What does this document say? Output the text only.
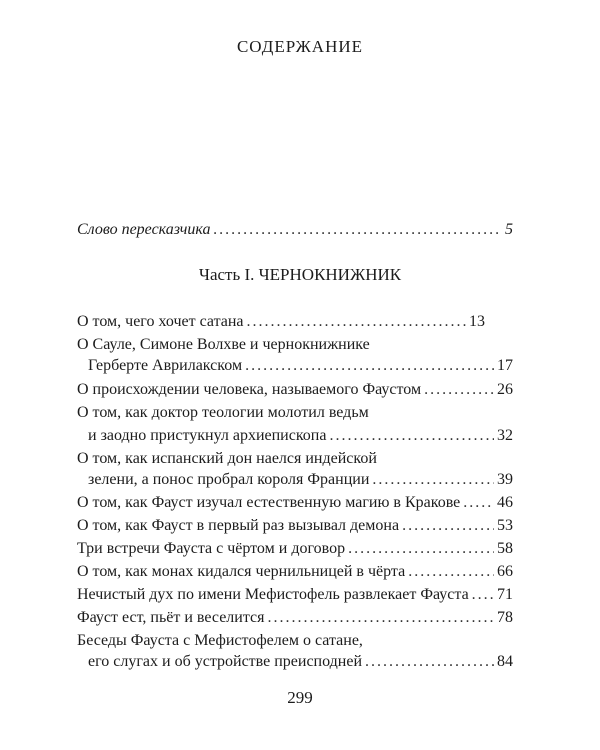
СОДЕРЖАНИЕ
Слово пересказчика . . .	5
Часть I. ЧЕРНОКНИЖНИК
О том, чего хочет сатана . . .	13
О Сауле, Симоне Волхве и чернокнижнике
Герберте Аврилакском . . .	17
О происхождении человека, называемого Фаустом . . .	26
О том, как доктор теологии молотил ведьм
и заодно пристукнул архиепископа . . .	32
О том, как испанский дон наелся индейской
зелени, а понос пробрал короля Франции . . .	39
О том, как Фауст изучал естественную магию в Кракове . . . 46
О том, как Фауст в первый раз вызывал демона . . .	53
Три встречи Фауста с чёртом и договор . . .	58
О том, как монах кидался чернильницей в чёрта . . .	66
Нечистый дух по имени Мефистофель развлекает Фауста . . . 71
Фауст ест, пьёт и веселится . . .	78
Беседы Фауста с Мефистофелем о сатане,
его слугах и об устройстве преисподней . . .	84
299
